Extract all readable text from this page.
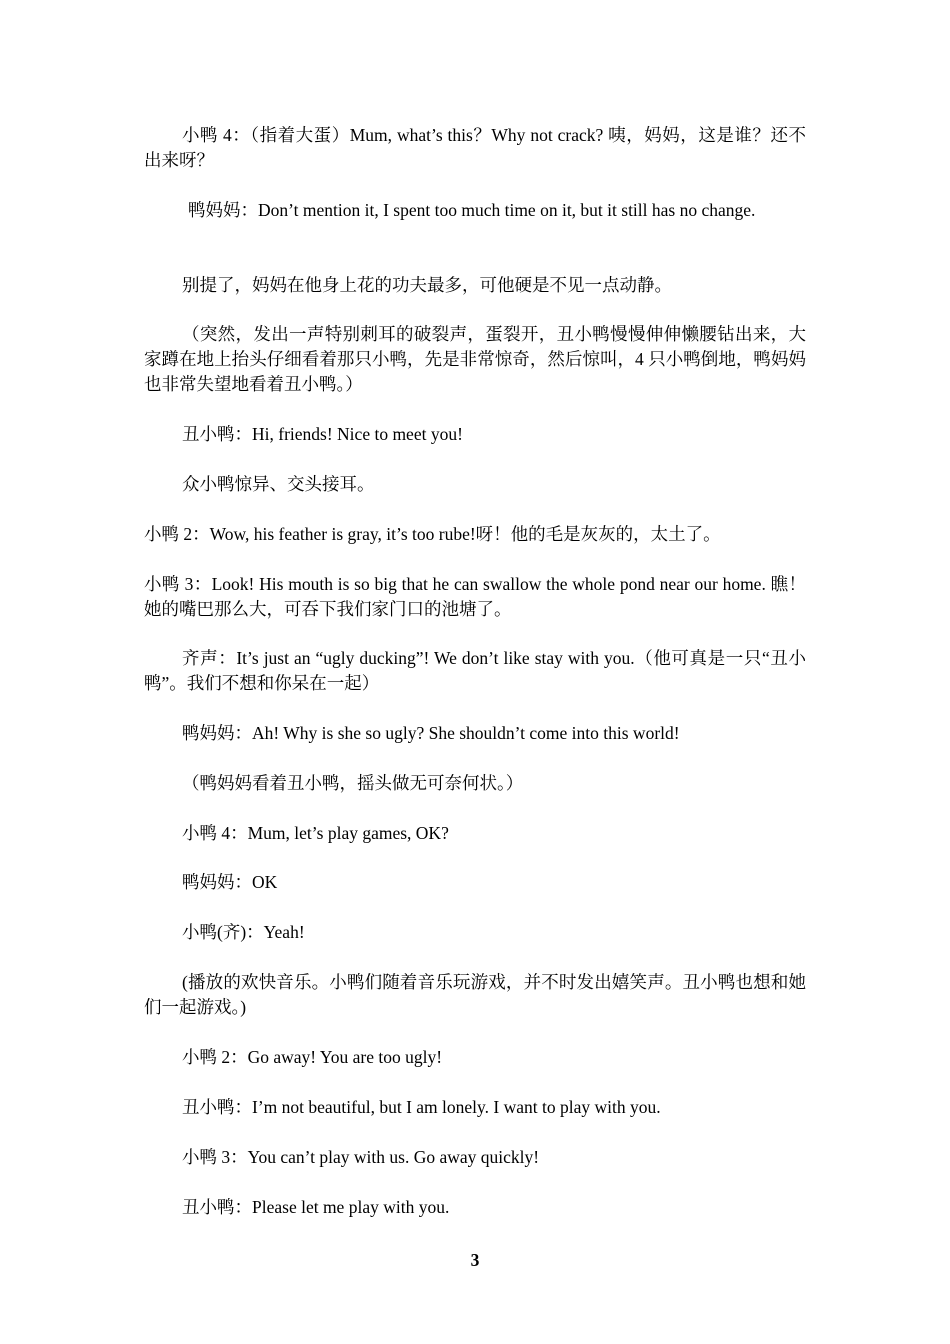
小鸭 4：（指着大蛋）Mum, what’s this？Why not crack? 咦，妈妈，这是谁？还不出来呀？

鸭妈妈：Don’t mention it, I spent too much time on it, but it still has no change.

别提了，妈妈在他身上花的功夫最多，可他硬是不见一点动静。

（突然，发出一声特别刺耳的破裂声，蛋裂开，丑小鸭慢慢伸伸懒腰钻出来，大家蹲在地上抬头仔细看着那只小鸭，先是非常惊奇，然后惊叫，4 只小鸭倒地，鸭妈妈也非常失望地看着丑小鸭。）

丑小鸭：Hi, friends! Nice to meet you!

众小鸭惊异、交头接耳。

小鸭 2：Wow, his feather is gray, it’s too rube!呀！他的毛是灰灰的，太土了。

小鸭 3：Look! His mouth is so big that he can swallow the whole pond near our home. 瞧！她的嘴巴那么大，可吞下我们家门口的池塘了。

齐声：It’s just an “ugly ducking”! We don’t like stay with you.（他可真是一只“丑小鸭”。我们不想和你呆在一起）

鸭妈妈：Ah! Why is she so ugly? She shouldn’t come into this world!

（鸭妈妈看着丑小鸭，摇头做无可奈何状。）

小鸭 4：Mum, let’s play games, OK?

鸭妈妈：OK

小鸭(齐)：Yeah!

(播放的欢快音乐。小鸭们随着音乐玩游戏，并不时发出嬉笑声。丑小鸭也想和她们一起游戏。)

小鸭 2：Go away! You are too ugly!

丑小鸭：I’m not beautiful, but I am lonely. I want to play with you.

小鸭 3：You can’t play with us. Go away quickly!

丑小鸭：Please let me play with you.

3
